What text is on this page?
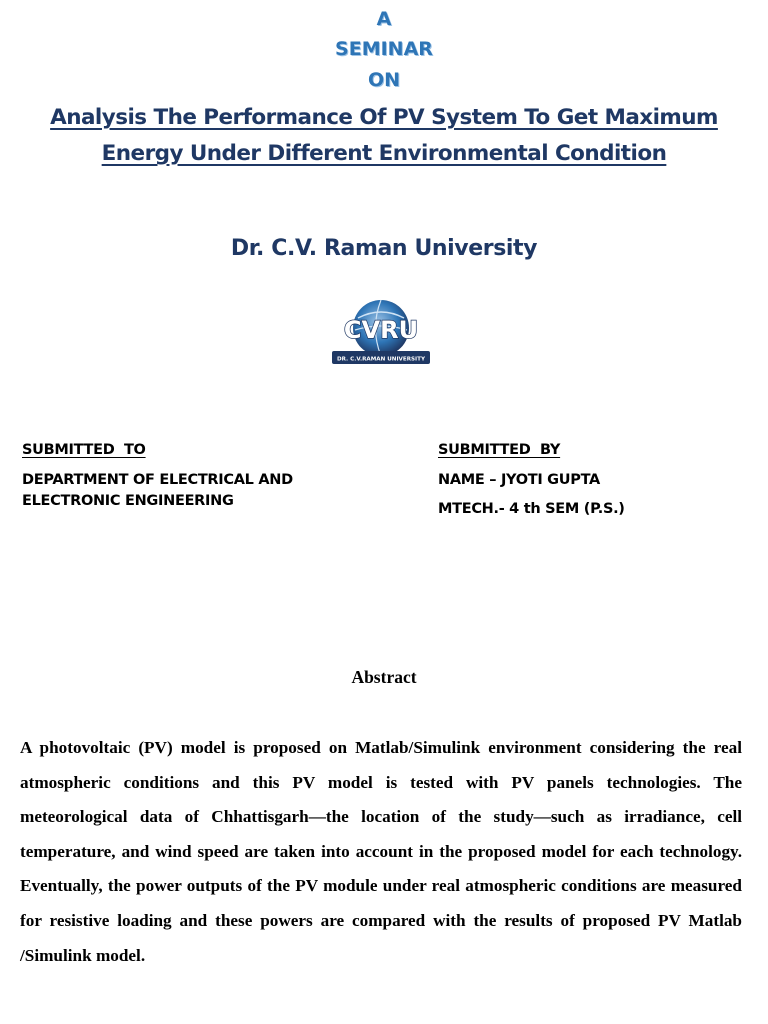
A
SEMINAR
ON
Analysis The Performance Of PV System To Get Maximum
Energy Under Different Environmental Condition
Dr. C.V. Raman University
CVRU
DR. C.V.RAMAN UNIVERSITY
SUBMITTED  TO
DEPARTMENT OF ELECTRICAL AND
ELECTRONIC ENGINEERING
SUBMITTED  BY
NAME – JYOTI GUPTA
MTECH.- 4 th SEM (P.S.)
Abstract

A photovoltaic (PV) model is proposed on Matlab/Simulink environment considering the real atmospheric conditions and this PV model is tested with PV panels technologies. The meteorological data of Chhattisgarh—the location of the study—such as irradiance, cell temperature, and wind speed are taken into account in the proposed model for each technology. Eventually, the power outputs of the PV module under real atmospheric conditions are measured for resistive loading and these powers are compared with the results of proposed PV Matlab /Simulink model.
